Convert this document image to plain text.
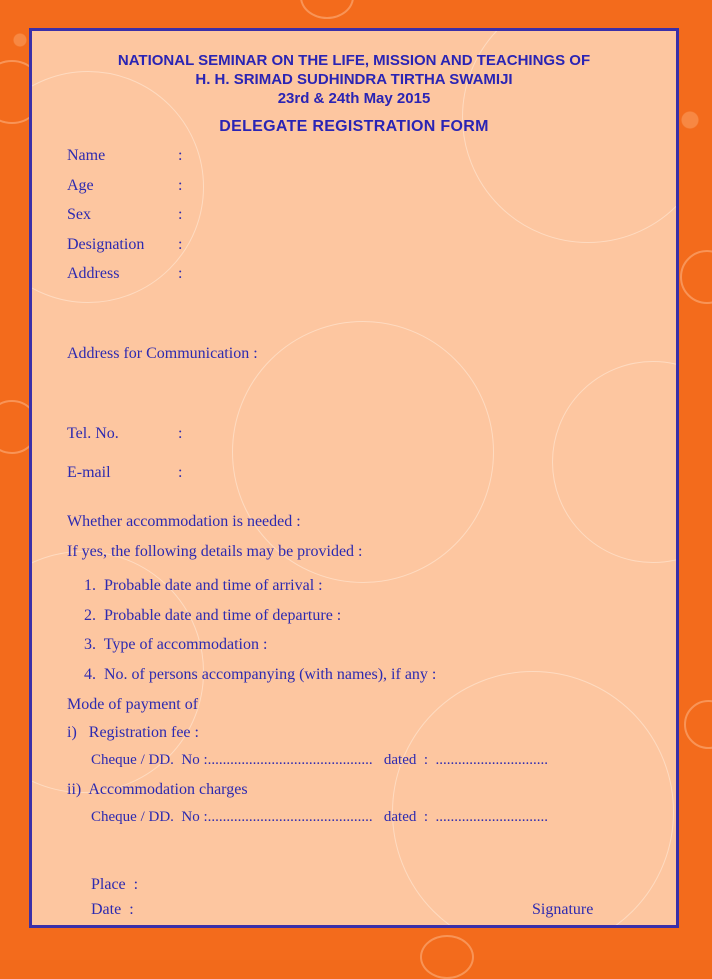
NATIONAL SEMINAR ON THE LIFE, MISSION AND TEACHINGS OF
H. H. SRIMAD SUDHINDRA TIRTHA SWAMIJI
23rd & 24th May 2015
DELEGATE REGISTRATION FORM
Name	:
Age	:
Sex	:
Designation :
Address	:
Address for Communication :
Tel. No.	:
E-mail	:
Whether accommodation is needed :
If yes, the following details may be provided :
1.  Probable date and time of arrival :
2.  Probable date and time of departure :
3.  Type of accommodation :
4.  No. of persons accompanying (with names), if any :
Mode of payment of
i)   Registration fee :
Cheque / DD.  No :............................................   dated  :  ..............................
ii)  Accommodation charges
Cheque / DD.  No :............................................   dated  :  ..............................
Place  :
Date  :	Signature
